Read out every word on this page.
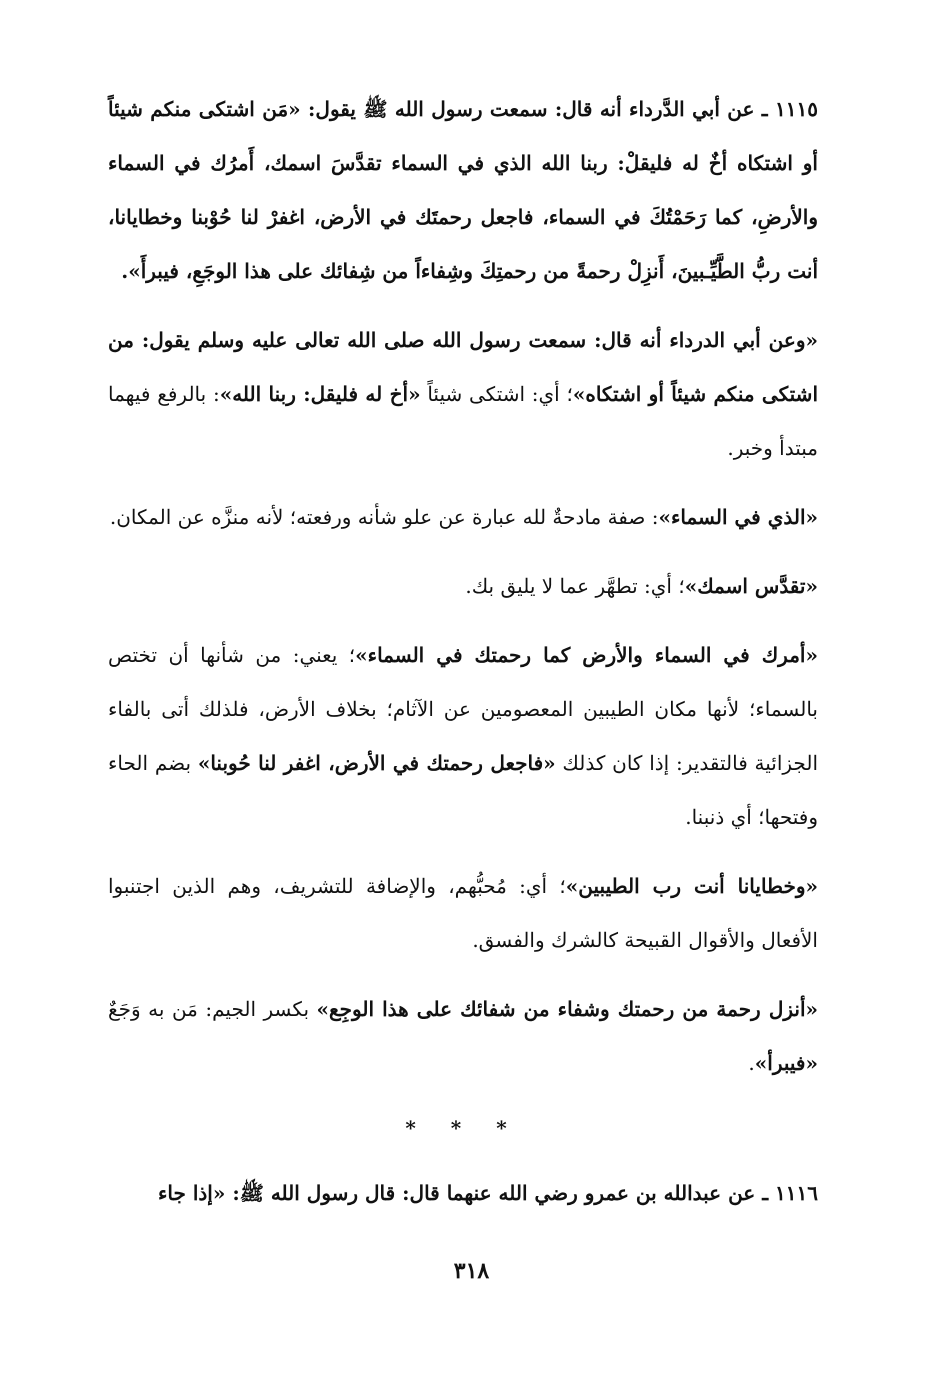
١١١٥ ـ عن أبي الدَّرداء أنه قال: سمعت رسول الله ﷺ يقول: «مَن اشتكى منكم شيئاً أو اشتكاه أخٌ له فليقلْ: ربنا الله الذي في السماء تقدَّسَ اسمك، أَمرُك في السماء والأرضِ، كما رَحَمْتُكَ في السماء، فاجعل رحمتَك في الأرض، اغفرْ لنا حُوْبنا وخطايانا، أنت ربُّ الطَّيِّـبينَ، أَنزِلْ رحمةً من رحمتِكَ وشِفاءاً من شِفائك على هذا الوجَعِ، فيبرأَ».

«وعن أبي الدرداء أنه قال: سمعت رسول الله صلى الله تعالى عليه وسلم يقول: من اشتكى منكم شيئاً أو اشتكاه»؛ أي: اشتكى شيئاً «أخ له فليقل: ربنا الله»: بالرفع فيهما مبتدأ وخبر.

«الذي في السماء»: صفة مادحةٌ لله عبارة عن علو شأنه ورفعته؛ لأنه منزَّه عن المكان.

«تقدَّس اسمك»؛ أي: تطهَّر عما لا يليق بك.

«أمرك في السماء والأرض كما رحمتك في السماء»؛ يعني: من شأنها أن تختص بالسماء؛ لأنها مكان الطيبين المعصومين عن الآثام؛ بخلاف الأرض، فلذلك أتى بالفاء الجزائية فالتقدير: إذا كان كذلك «فاجعل رحمتك في الأرض، اغفر لنا حُوبنا» بضم الحاء وفتحها؛ أي ذنبنا.

«وخطايانا أنت رب الطيبين»؛ أي: مُحبُّهم، والإضافة للتشريف، وهم الذين اجتنبوا الأفعال والأقوال القبيحة كالشرك والفسق.

«أنزل رحمة من رحمتك وشفاء من شفائك على هذا الوجِع» بكسر الجيم: مَن به وَجَعٌ «فيبرأ».

* * *

١١١٦ ـ عن عبدالله بن عمرو رضي الله عنهما قال: قال رسول الله ﷺ: «إذا جاء

٣١٨
